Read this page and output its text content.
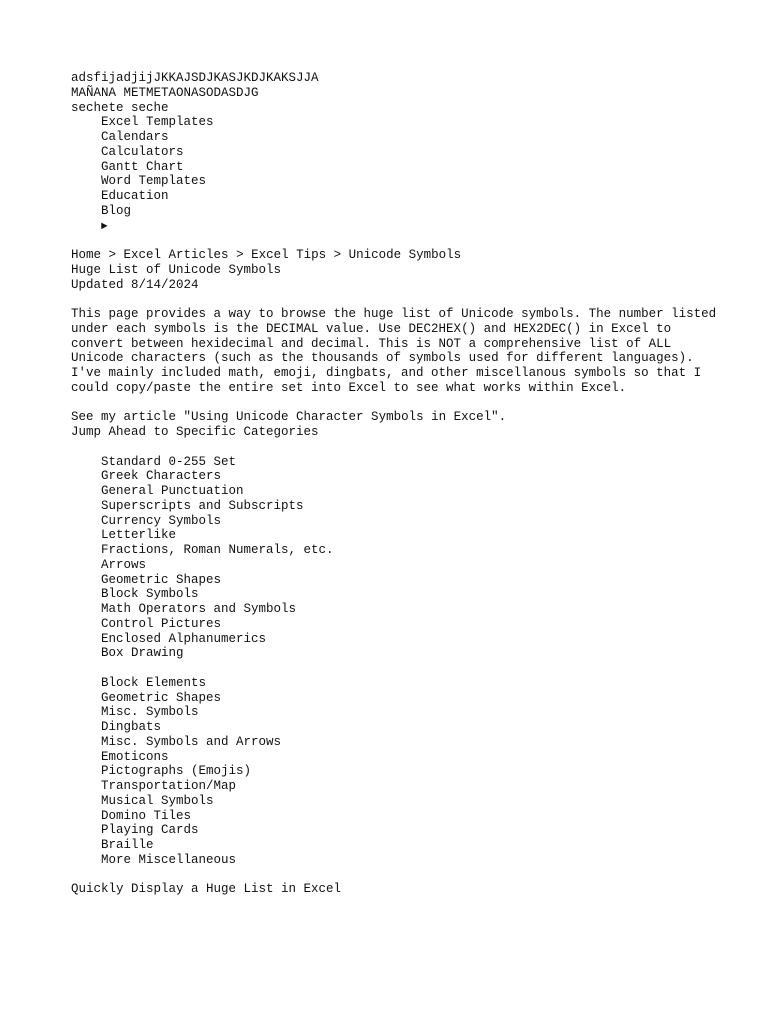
adsfijadjijJKKAJSDJKASJKDJKAKSJJA
MAÑANA METMETAONASODASDJG
sechete seche
Excel Templates
Calendars
Calculators
Gantt Chart
Word Templates
Education
Blog
►
Home > Excel Articles > Excel Tips > Unicode Symbols
Huge List of Unicode Symbols
Updated 8/14/2024
This page provides a way to browse the huge list of Unicode symbols. The number listed under each symbols is the DECIMAL value. Use DEC2HEX() and HEX2DEC() in Excel to convert between hexidecimal and decimal. This is NOT a comprehensive list of ALL Unicode characters (such as the thousands of symbols used for different languages). I've mainly included math, emoji, dingbats, and other miscellanous symbols so that I could copy/paste the entire set into Excel to see what works within Excel.
See my article "Using Unicode Character Symbols in Excel".
Jump Ahead to Specific Categories
Standard 0-255 Set
Greek Characters
General Punctuation
Superscripts and Subscripts
Currency Symbols
Letterlike
Fractions, Roman Numerals, etc.
Arrows
Geometric Shapes
Block Symbols
Math Operators and Symbols
Control Pictures
Enclosed Alphanumerics
Box Drawing
Block Elements
Geometric Shapes
Misc. Symbols
Dingbats
Misc. Symbols and Arrows
Emoticons
Pictographs (Emojis)
Transportation/Map
Musical Symbols
Domino Tiles
Playing Cards
Braille
More Miscellaneous
Quickly Display a Huge List in Excel
